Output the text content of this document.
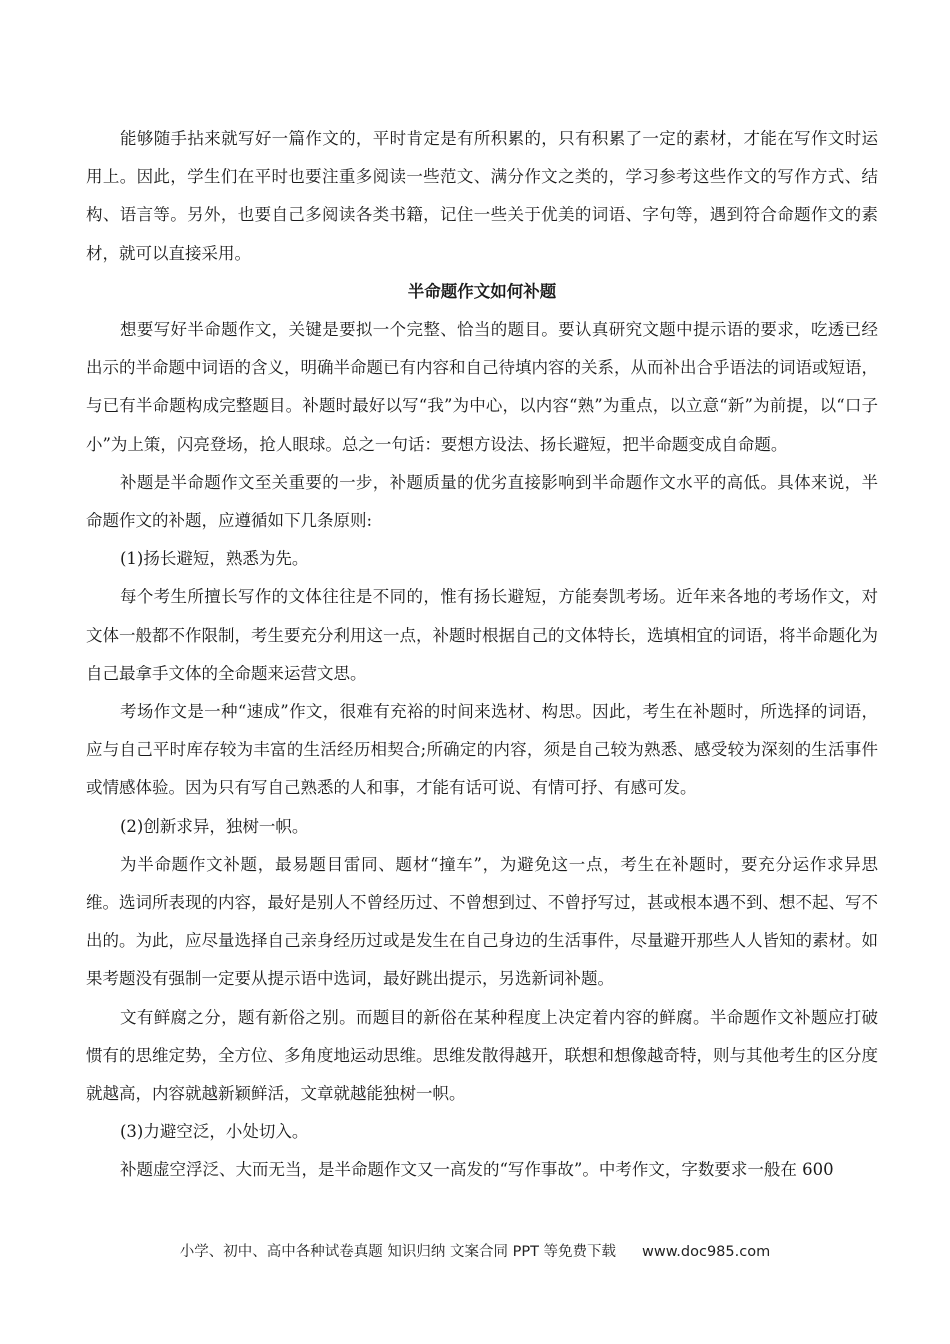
能够随手拈来就写好一篇作文的，平时肯定是有所积累的，只有积累了一定的素材，才能在写作文时运用上。因此，学生们在平时也要注重多阅读一些范文、满分作文之类的，学习参考这些作文的写作方式、结构、语言等。另外，也要自己多阅读各类书籍，记住一些关于优美的词语、字句等，遇到符合命题作文的素材，就可以直接采用。

半命题作文如何补题

想要写好半命题作文，关键是要拟一个完整、恰当的题目。要认真研究文题中提示语的要求，吃透已经出示的半命题中词语的含义，明确半命题已有内容和自己待填内容的关系，从而补出合乎语法的词语或短语，与已有半命题构成完整题目。补题时最好以写“我”为中心，以内容“熟”为重点，以立意“新”为前提，以“口子小”为上策，闪亮登场，抢人眼球。总之一句话：要想方设法、扬长避短，把半命题变成自命题。

补题是半命题作文至关重要的一步，补题质量的优劣直接影响到半命题作文水平的高低。具体来说，半命题作文的补题，应遵循如下几条原则:

(1)扬长避短，熟悉为先。

每个考生所擅长写作的文体往往是不同的，惟有扬长避短，方能奏凯考场。近年来各地的考场作文，对文体一般都不作限制，考生要充分利用这一点，补题时根据自己的文体特长，选填相宜的词语，将半命题化为自己最拿手文体的全命题来运营文思。

考场作文是一种“速成”作文，很难有充裕的时间来选材、构思。因此，考生在补题时，所选择的词语，应与自己平时库存较为丰富的生活经历相契合;所确定的内容，须是自己较为熟悉、感受较为深刻的生活事件或情感体验。因为只有写自己熟悉的人和事，才能有话可说、有情可抒、有感可发。

(2)创新求异，独树一帜。

为半命题作文补题，最易题目雷同、题材“撞车”，为避免这一点，考生在补题时，要充分运作求异思维。选词所表现的内容，最好是别人不曾经历过、不曾想到过、不曾抒写过，甚或根本遇不到、想不起、写不出的。为此，应尽量选择自己亲身经历过或是发生在自己身边的生活事件，尽量避开那些人人皆知的素材。如果考题没有强制一定要从提示语中选词，最好跳出提示，另选新词补题。

文有鲜腐之分，题有新俗之别。而题目的新俗在某种程度上决定着内容的鲜腐。半命题作文补题应打破惯有的思维定势，全方位、多角度地运动思维。思维发散得越开，联想和想像越奇特，则与其他考生的区分度就越高，内容就越新颖鲜活，文章就越能独树一帜。

(3)力避空泛，小处切入。

补题虚空浮泛、大而无当，是半命题作文又一高发的“写作事故”。中考作文，字数要求一般在 600

小学、初中、高中各种试卷真题 知识归纳 文案合同 PPT 等免费下载 www.doc985.com
